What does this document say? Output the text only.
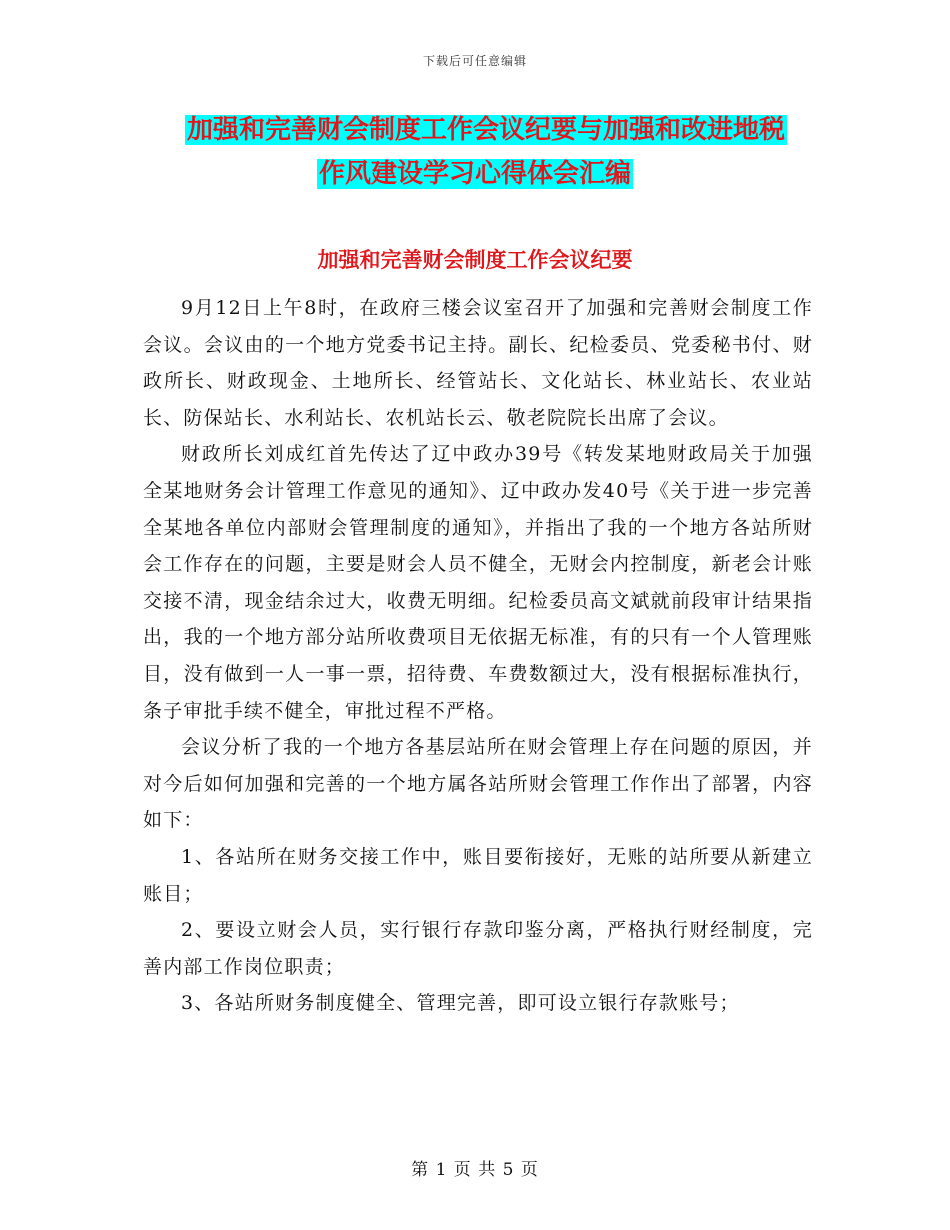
下载后可任意编辑
加强和完善财会制度工作会议纪要与加强和改进地税
作风建设学习心得体会汇编
加强和完善财会制度工作会议纪要

9月12日上午8时，在政府三楼会议室召开了加强和完善财会制度工作会议。会议由的一个地方党委书记主持。副长、纪检委员、党委秘书付、财政所长、财政现金、土地所长、经管站长、文化站长、林业站长、农业站长、防保站长、水利站长、农机站长云、敬老院院长出席了会议。

财政所长刘成红首先传达了辽中政办39号《转发某地财政局关于加强全某地财务会计管理工作意见的通知》、辽中政办发40号《关于进一步完善全某地各单位内部财会管理制度的通知》，并指出了我的一个地方各站所财会工作存在的问题，主要是财会人员不健全，无财会内控制度，新老会计账交接不清，现金结余过大，收费无明细。纪检委员高文斌就前段审计结果指出，我的一个地方部分站所收费项目无依据无标准，有的只有一个人管理账目，没有做到一人一事一票，招待费、车费数额过大，没有根据标准执行，条子审批手续不健全，审批过程不严格。

会议分析了我的一个地方各基层站所在财会管理上存在问题的原因，并对今后如何加强和完善的一个地方属各站所财会管理工作作出了部署，内容如下：

1、各站所在财务交接工作中，账目要衔接好，无账的站所要从新建立账目；

2、要设立财会人员，实行银行存款印鉴分离，严格执行财经制度，完善内部工作岗位职责；

3、各站所财务制度健全、管理完善，即可设立银行存款账号；

第 1 页 共 5 页
